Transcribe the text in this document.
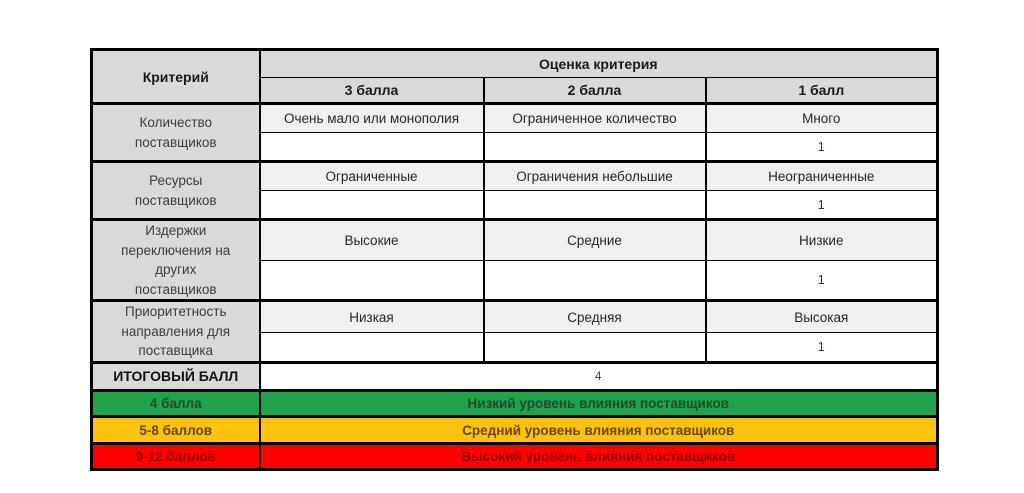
Критерий	Оценка критерия		
	3 балла	2 балла	1 балл
Количество поставщиков	Очень мало или монополия	Ограниченное количество	Много
			1
Ресурсы поставщиков	Ограниченные	Ограничения небольшие	Неограниченные
			1
Издержки переключения на других поставщиков	Высокие	Средние	Низкие
			1
Приоритетность направления для поставщика	Низкая	Средняя	Высокая
			1
ИТОГОВЫЙ БАЛЛ	4		
4 балла	Низкий уровень влияния поставщиков		
5-8 баллов	Средний уровень влияния поставщиков		
9-12 баллов	Высокий уровень влияния поставщиков		
